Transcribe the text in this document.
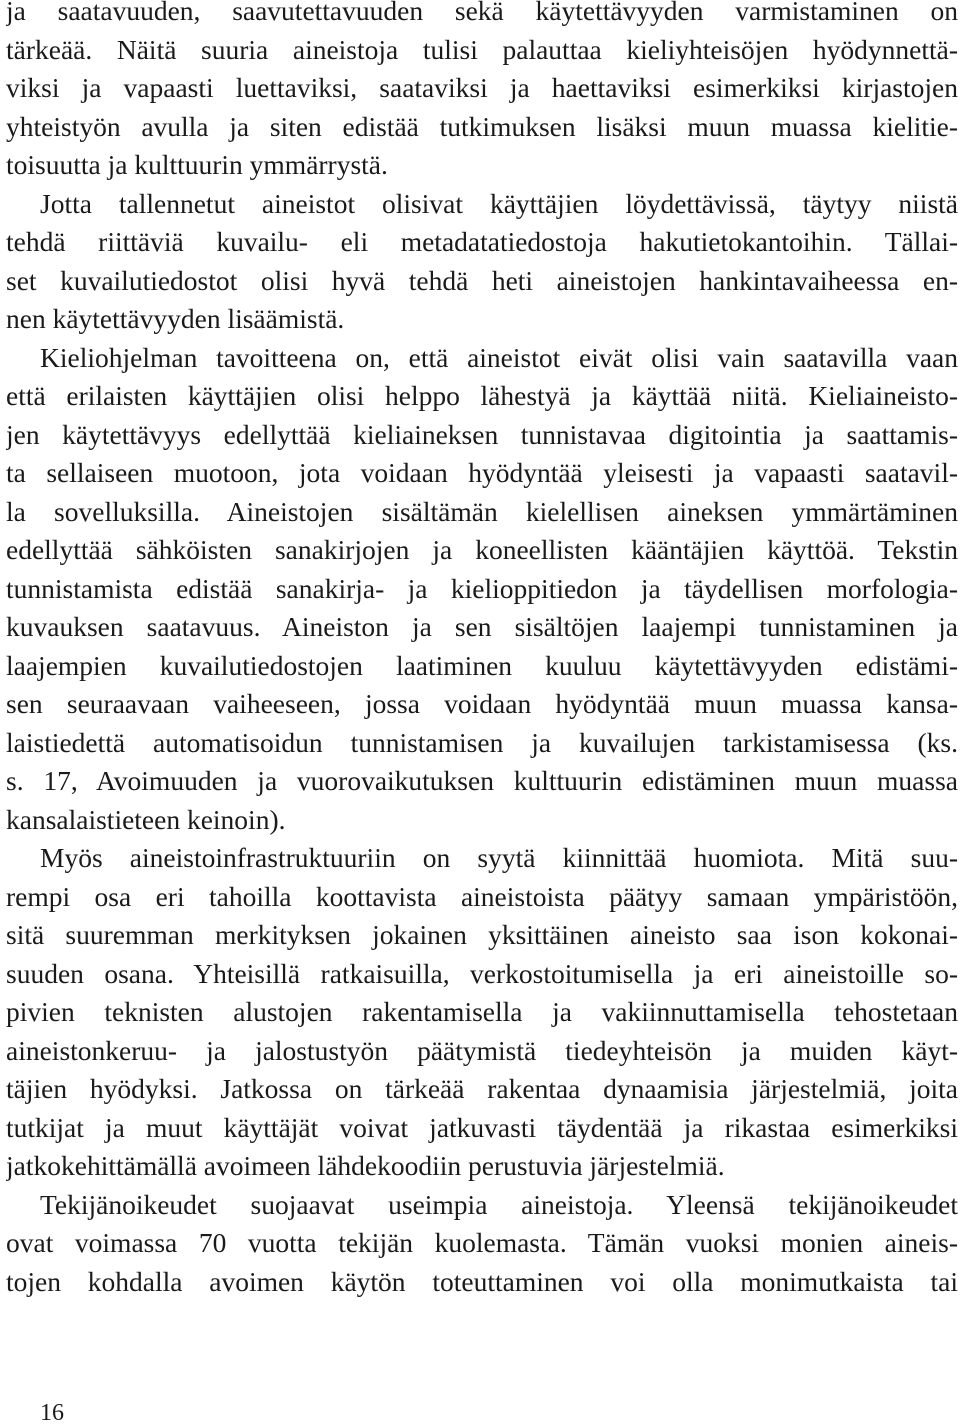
ja saatavuuden, saavutettavuuden sekä käytettävyyden varmistaminen on
tärkeää. Näitä suuria aineistoja tulisi palauttaa kieliyhteisöjen hyödynnettä-
viksi ja vapaasti luettaviksi, saataviksi ja haettaviksi esimerkiksi kirjastojen
yhteistyön avulla ja siten edistää tutkimuksen lisäksi muun muassa kielitie-
toisuutta ja kulttuurin ymmärrystä.
Jotta tallennetut aineistot olisivat käyttäjien löydettävissä, täytyy niistä
tehdä riittäviä kuvailu- eli metadatatiedostoja hakutietokantoihin. Tällai-
set kuvailutiedostot olisi hyvä tehdä heti aineistojen hankintavaiheessa en-
nen käytettävyyden lisäämistä.
Kieliohjelman tavoitteena on, että aineistot eivät olisi vain saatavilla vaan
että erilaisten käyttäjien olisi helppo lähestyä ja käyttää niitä. Kieliaineisto-
jen käytettävyys edellyttää kieliaineksen tunnistavaa digitointia ja saattamis-
ta sellaiseen muotoon, jota voidaan hyödyntää yleisesti ja vapaasti saatavil-
la sovelluksilla. Aineistojen sisältämän kielellisen aineksen ymmärtäminen
edellyttää sähköisten sanakirjojen ja koneellisten kääntäjien käyttöä. Tekstin
tunnistamista edistää sanakirja- ja kielioppitiedon ja täydellisen morfologia-
kuvauksen saatavuus. Aineiston ja sen sisältöjen laajempi tunnistaminen ja
laajempien kuvailutiedostojen laatiminen kuuluu käytettävyyden edistämi-
sen seuraavaan vaiheeseen, jossa voidaan hyödyntää muun muassa kansa-
laistiedettä automatisoidun tunnistamisen ja kuvailujen tarkistamisessa (ks.
s. 17, Avoimuuden ja vuorovaikutuksen kulttuurin edistäminen muun muassa
kansalaistieteen keinoin).
Myös aineistoinfrastruktuuriin on syytä kiinnittää huomiota. Mitä suu-
rempi osa eri tahoilla koottavista aineistoista päätyy samaan ympäristöön,
sitä suuremman merkityksen jokainen yksittäinen aineisto saa ison kokonai-
suuden osana. Yhteisillä ratkaisuilla, verkostoitumisella ja eri aineistoille so-
pivien teknisten alustojen rakentamisella ja vakiinnuttamisella tehostetaan
aineistonkeruu- ja jalostustyön päätymistä tiedeyhteisön ja muiden käyt-
täjien hyödyksi. Jatkossa on tärkeää rakentaa dynaamisia järjestelmiä, joita
tutkijat ja muut käyttäjät voivat jatkuvasti täydentää ja rikastaa esimerkiksi
jatkokehittämällä avoimeen lähdekoodiin perustuvia järjestelmiä.
Tekijänoikeudet suojaavat useimpia aineistoja. Yleensä tekijänoikeudet
ovat voimassa 70 vuotta tekijän kuolemasta. Tämän vuoksi monien aineis-
tojen kohdalla avoimen käytön toteuttaminen voi olla monimutkaista tai
16
